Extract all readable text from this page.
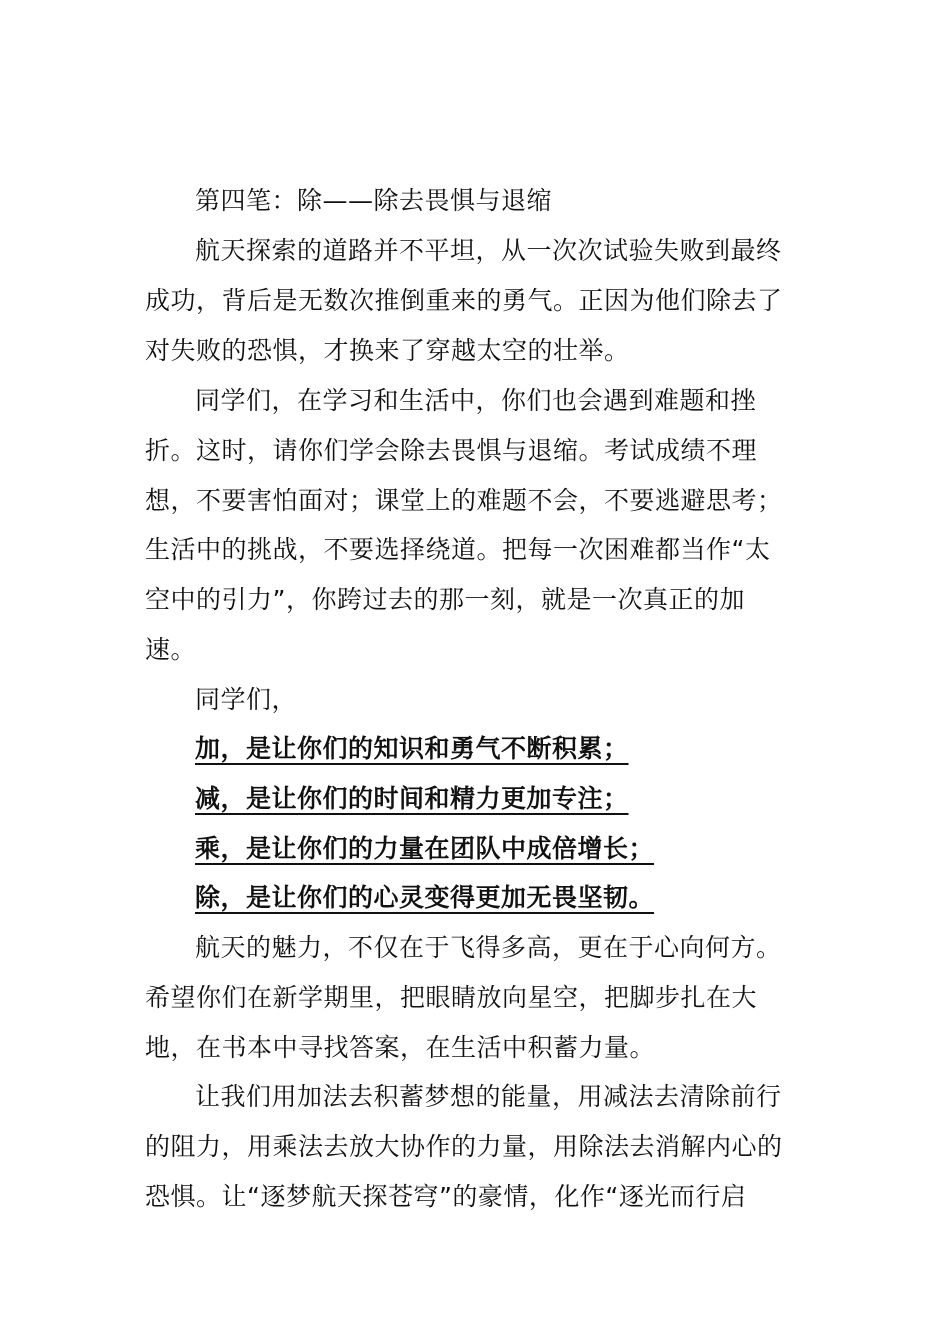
第四笔：除——除去畏惧与退缩
航天探索的道路并不平坦，从一次次试验失败到最终
成功，背后是无数次推倒重来的勇气。正因为他们除去了
对失败的恐惧，才换来了穿越太空的壮举。
同学们，在学习和生活中，你们也会遇到难题和挫
折。这时，请你们学会除去畏惧与退缩。考试成绩不理
想，不要害怕面对；课堂上的难题不会，不要逃避思考；
生活中的挑战，不要选择绕道。把每一次困难都当作“太
空中的引力”，你跨过去的那一刻，就是一次真正的加
速。
同学们，
加，是让你们的知识和勇气不断积累；
减，是让你们的时间和精力更加专注；
乘，是让你们的力量在团队中成倍增长；
除，是让你们的心灵变得更加无畏坚韧。
航天的魅力，不仅在于飞得多高，更在于心向何方。
希望你们在新学期里，把眼睛放向星空，把脚步扎在大
地，在书本中寻找答案，在生活中积蓄力量。
让我们用加法去积蓄梦想的能量，用减法去清除前行
的阻力，用乘法去放大协作的力量，用除法去消解内心的
恐惧。让“逐梦航天探苍穹”的豪情，化作“逐光而行启
